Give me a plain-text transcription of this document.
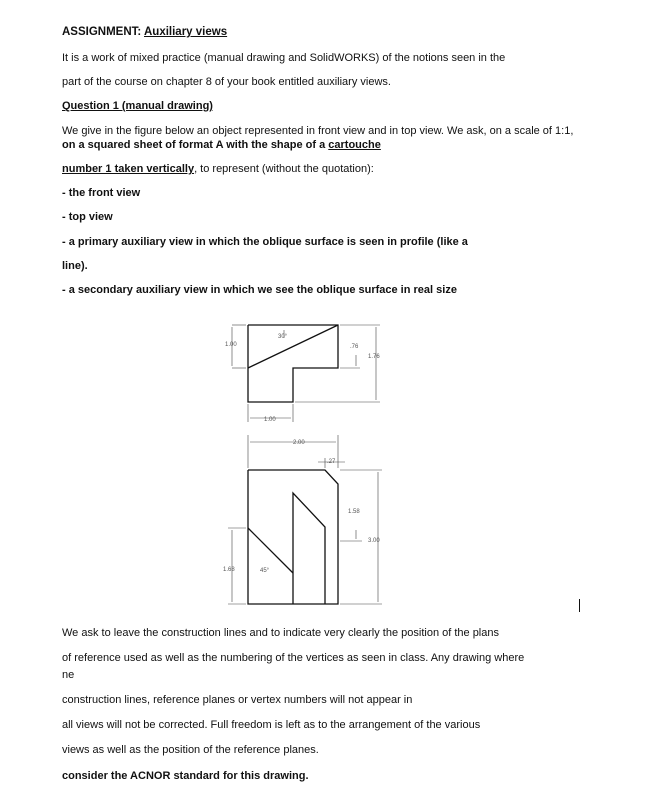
ASSIGNMENT: Auxiliary views
It is a work of mixed practice (manual drawing and SolidWORKS) of the notions seen in the
part of the course on chapter 8 of your book entitled auxiliary views.
Question 1 (manual drawing)
We give in the figure below an object represented in front view and in top view. We ask, on a scale of 1:1,
on a squared sheet of format A with the shape of a cartouche
number 1 taken vertically, to represent (without the quotation):
- the front view
- top view
- a primary auxiliary view in which the oblique surface is seen in profile (like a
line).
- a secondary auxiliary view in which we see the oblique surface in real size
30°
1.00	.76
1.76
1.00
2.00
.27
1.58
3.00
1.68	45°
We ask to leave the construction lines and to indicate very clearly the position of the plans
of reference used as well as the numbering of the vertices as seen in class. Any drawing where
ne
construction lines, reference planes or vertex numbers will not appear in
all views will not be corrected. Full freedom is left as to the arrangement of the various
views as well as the position of the reference planes.
consider the ACNOR standard for this drawing.
